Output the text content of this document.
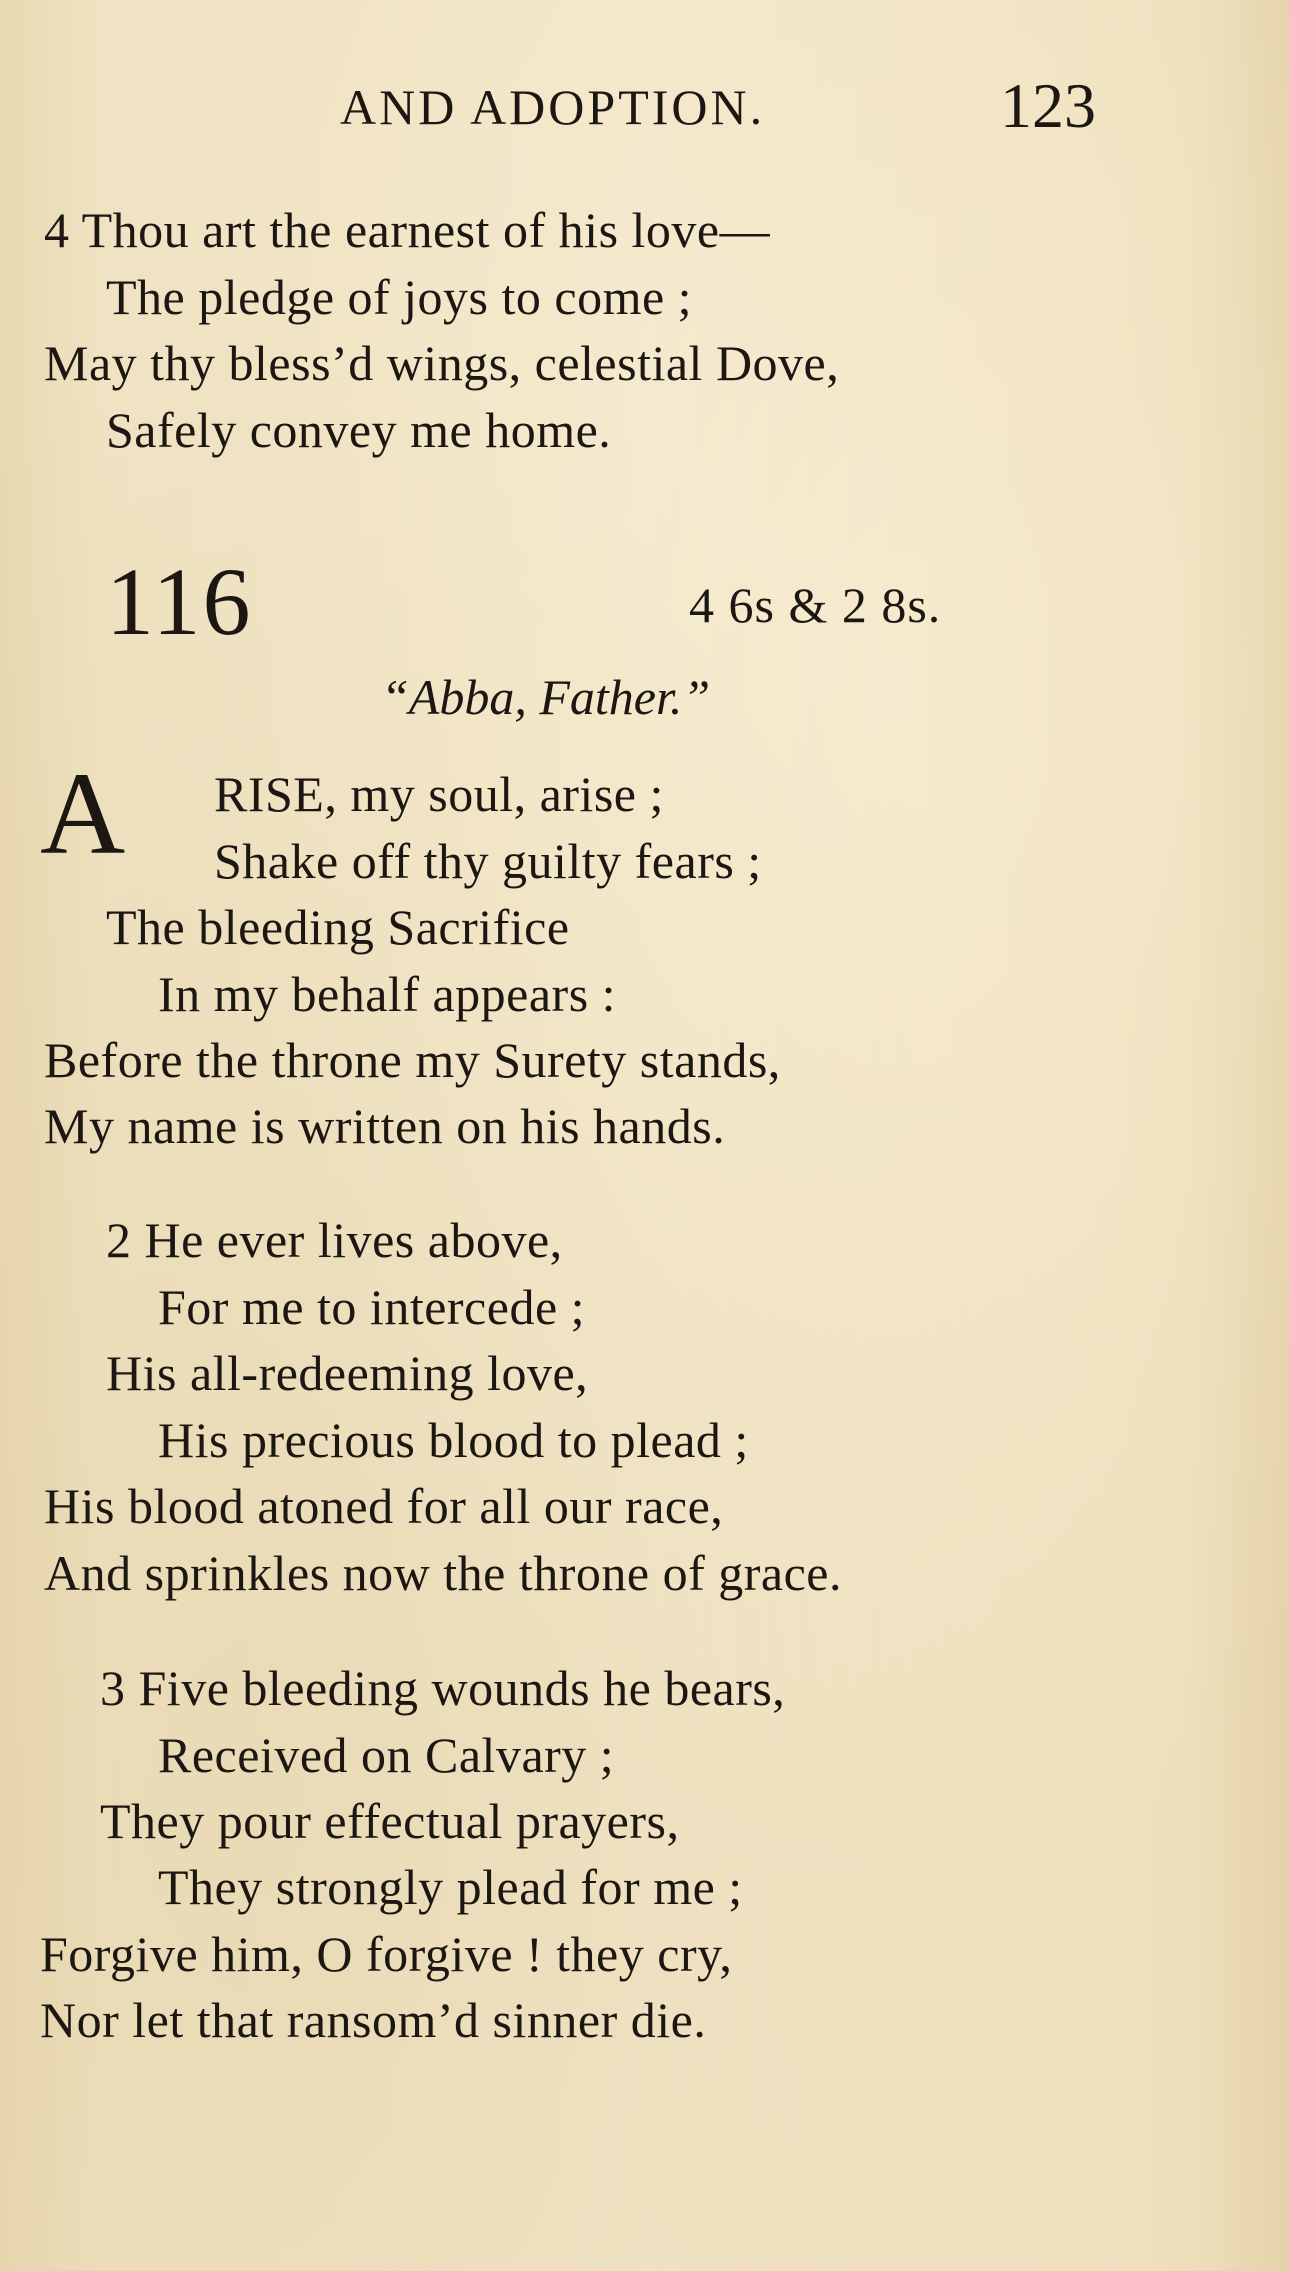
AND ADOPTION.	123
4 Thou art the earnest of his love—
The pledge of joys to come ;
May thy bless’d wings, celestial Dove,
Safely convey me home.
116	4 6s & 2 8s.
“Abba, Father.”
A RISE, my soul, arise ;
Shake off thy guilty fears ;
The bleeding Sacrifice
In my behalf appears :
Before the throne my Surety stands,
My name is written on his hands.
2 He ever lives above,
For me to intercede ;
His all-redeeming love,
His precious blood to plead ;
His blood atoned for all our race,
And sprinkles now the throne of grace.
3 Five bleeding wounds he bears,
Received on Calvary ;
They pour effectual prayers,
They strongly plead for me ;
Forgive him, O forgive ! they cry,
Nor let that ransom’d sinner die.
